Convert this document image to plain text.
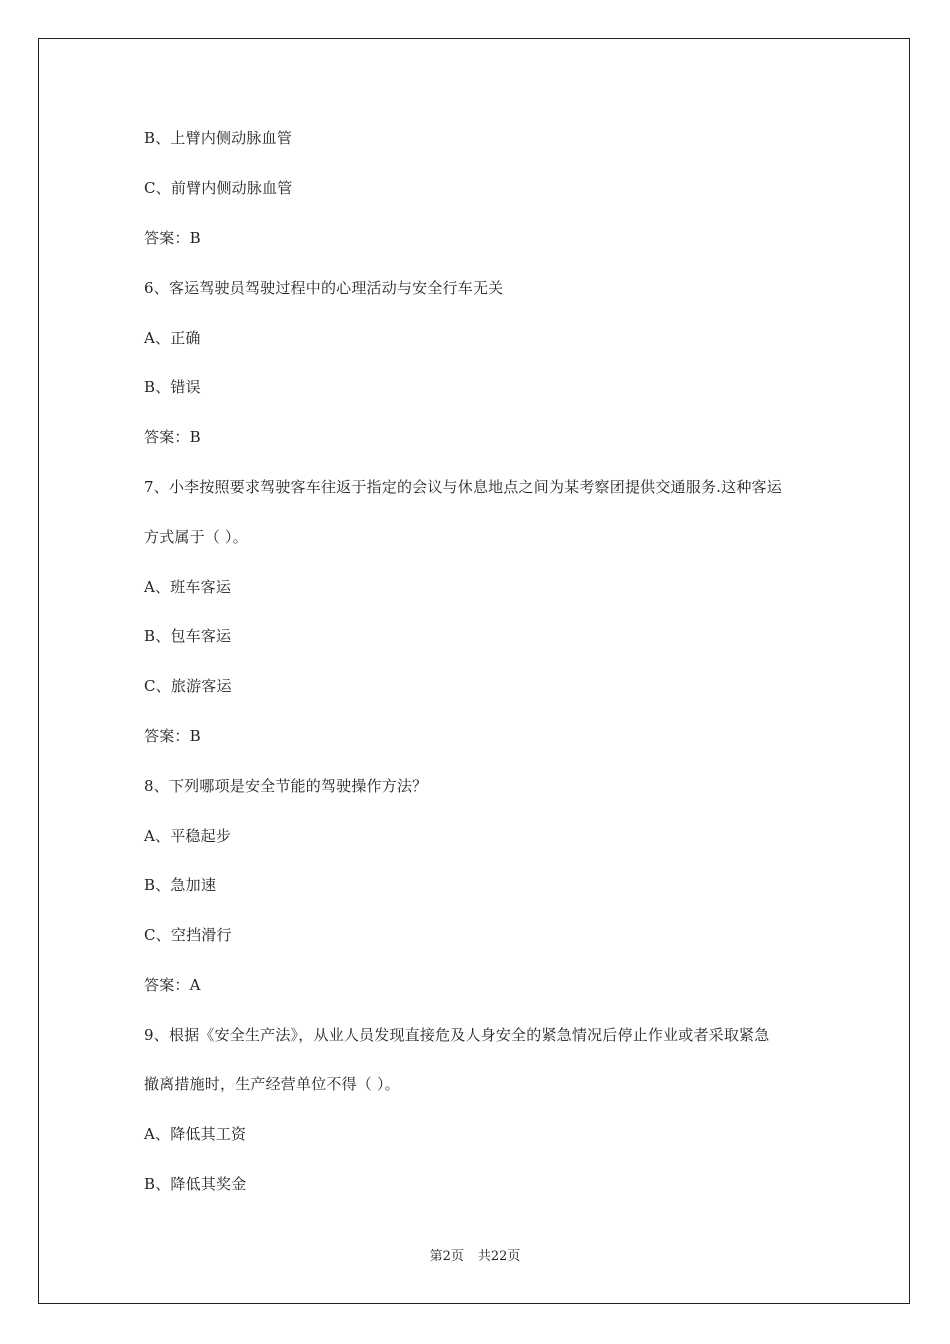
B、上臂内侧动脉血管
C、前臂内侧动脉血管
答案：B
6、客运驾驶员驾驶过程中的心理活动与安全行车无关
A、正确
B、错误
答案：B
7、小李按照要求驾驶客车往返于指定的会议与休息地点之间为某考察团提供交通服务.这种客运
方式属于（ ）。
A、班车客运
B、包车客运
C、旅游客运
答案：B
8、下列哪项是安全节能的驾驶操作方法？
A、平稳起步
B、急加速
C、空挡滑行
答案：A
9、根据《安全生产法》，从业人员发现直接危及人身安全的紧急情况后停止作业或者采取紧急
撤离措施时，生产经营单位不得（ ）。
A、降低其工资
B、降低其奖金
第2页 共22页
